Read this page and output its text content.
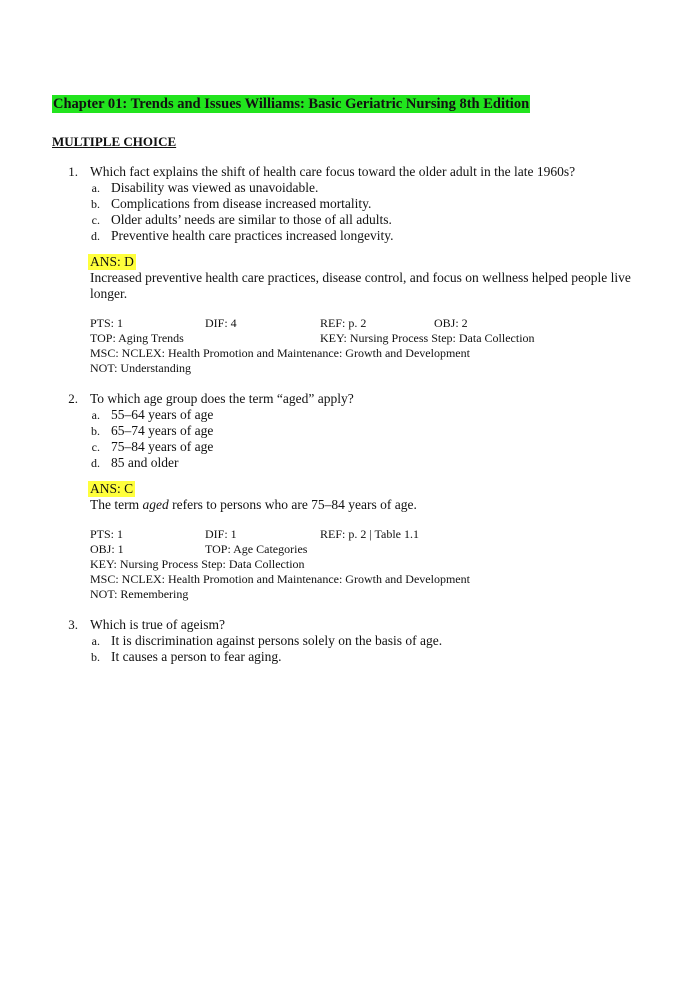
Chapter 01: Trends and Issues Williams: Basic Geriatric Nursing 8th Edition
MULTIPLE CHOICE
1. Which fact explains the shift of health care focus toward the older adult in the late 1960s?
a. Disability was viewed as unavoidable.
b. Complications from disease increased mortality.
c. Older adults’ needs are similar to those of all adults.
d. Preventive health care practices increased longevity.
ANS: D
Increased preventive health care practices, disease control, and focus on wellness helped people live
longer.
PTS: 1	DIF: 4	REF: p. 2	OBJ: 2
TOP: Aging Trends	KEY: Nursing Process Step: Data Collection
MSC: NCLEX: Health Promotion and Maintenance: Growth and Development
NOT: Understanding
2. To which age group does the term “aged” apply?
a. 55–64 years of age
b. 65–74 years of age
c. 75–84 years of age
d. 85 and older
ANS: C
The term aged refers to persons who are 75–84 years of age.
PTS: 1	DIF: 1	REF: p. 2 | Table 1.1
OBJ: 1	TOP: Age Categories
KEY: Nursing Process Step: Data Collection
MSC: NCLEX: Health Promotion and Maintenance: Growth and Development
NOT: Remembering
3. Which is true of ageism?
a. It is discrimination against persons solely on the basis of age.
b. It causes a person to fear aging.
